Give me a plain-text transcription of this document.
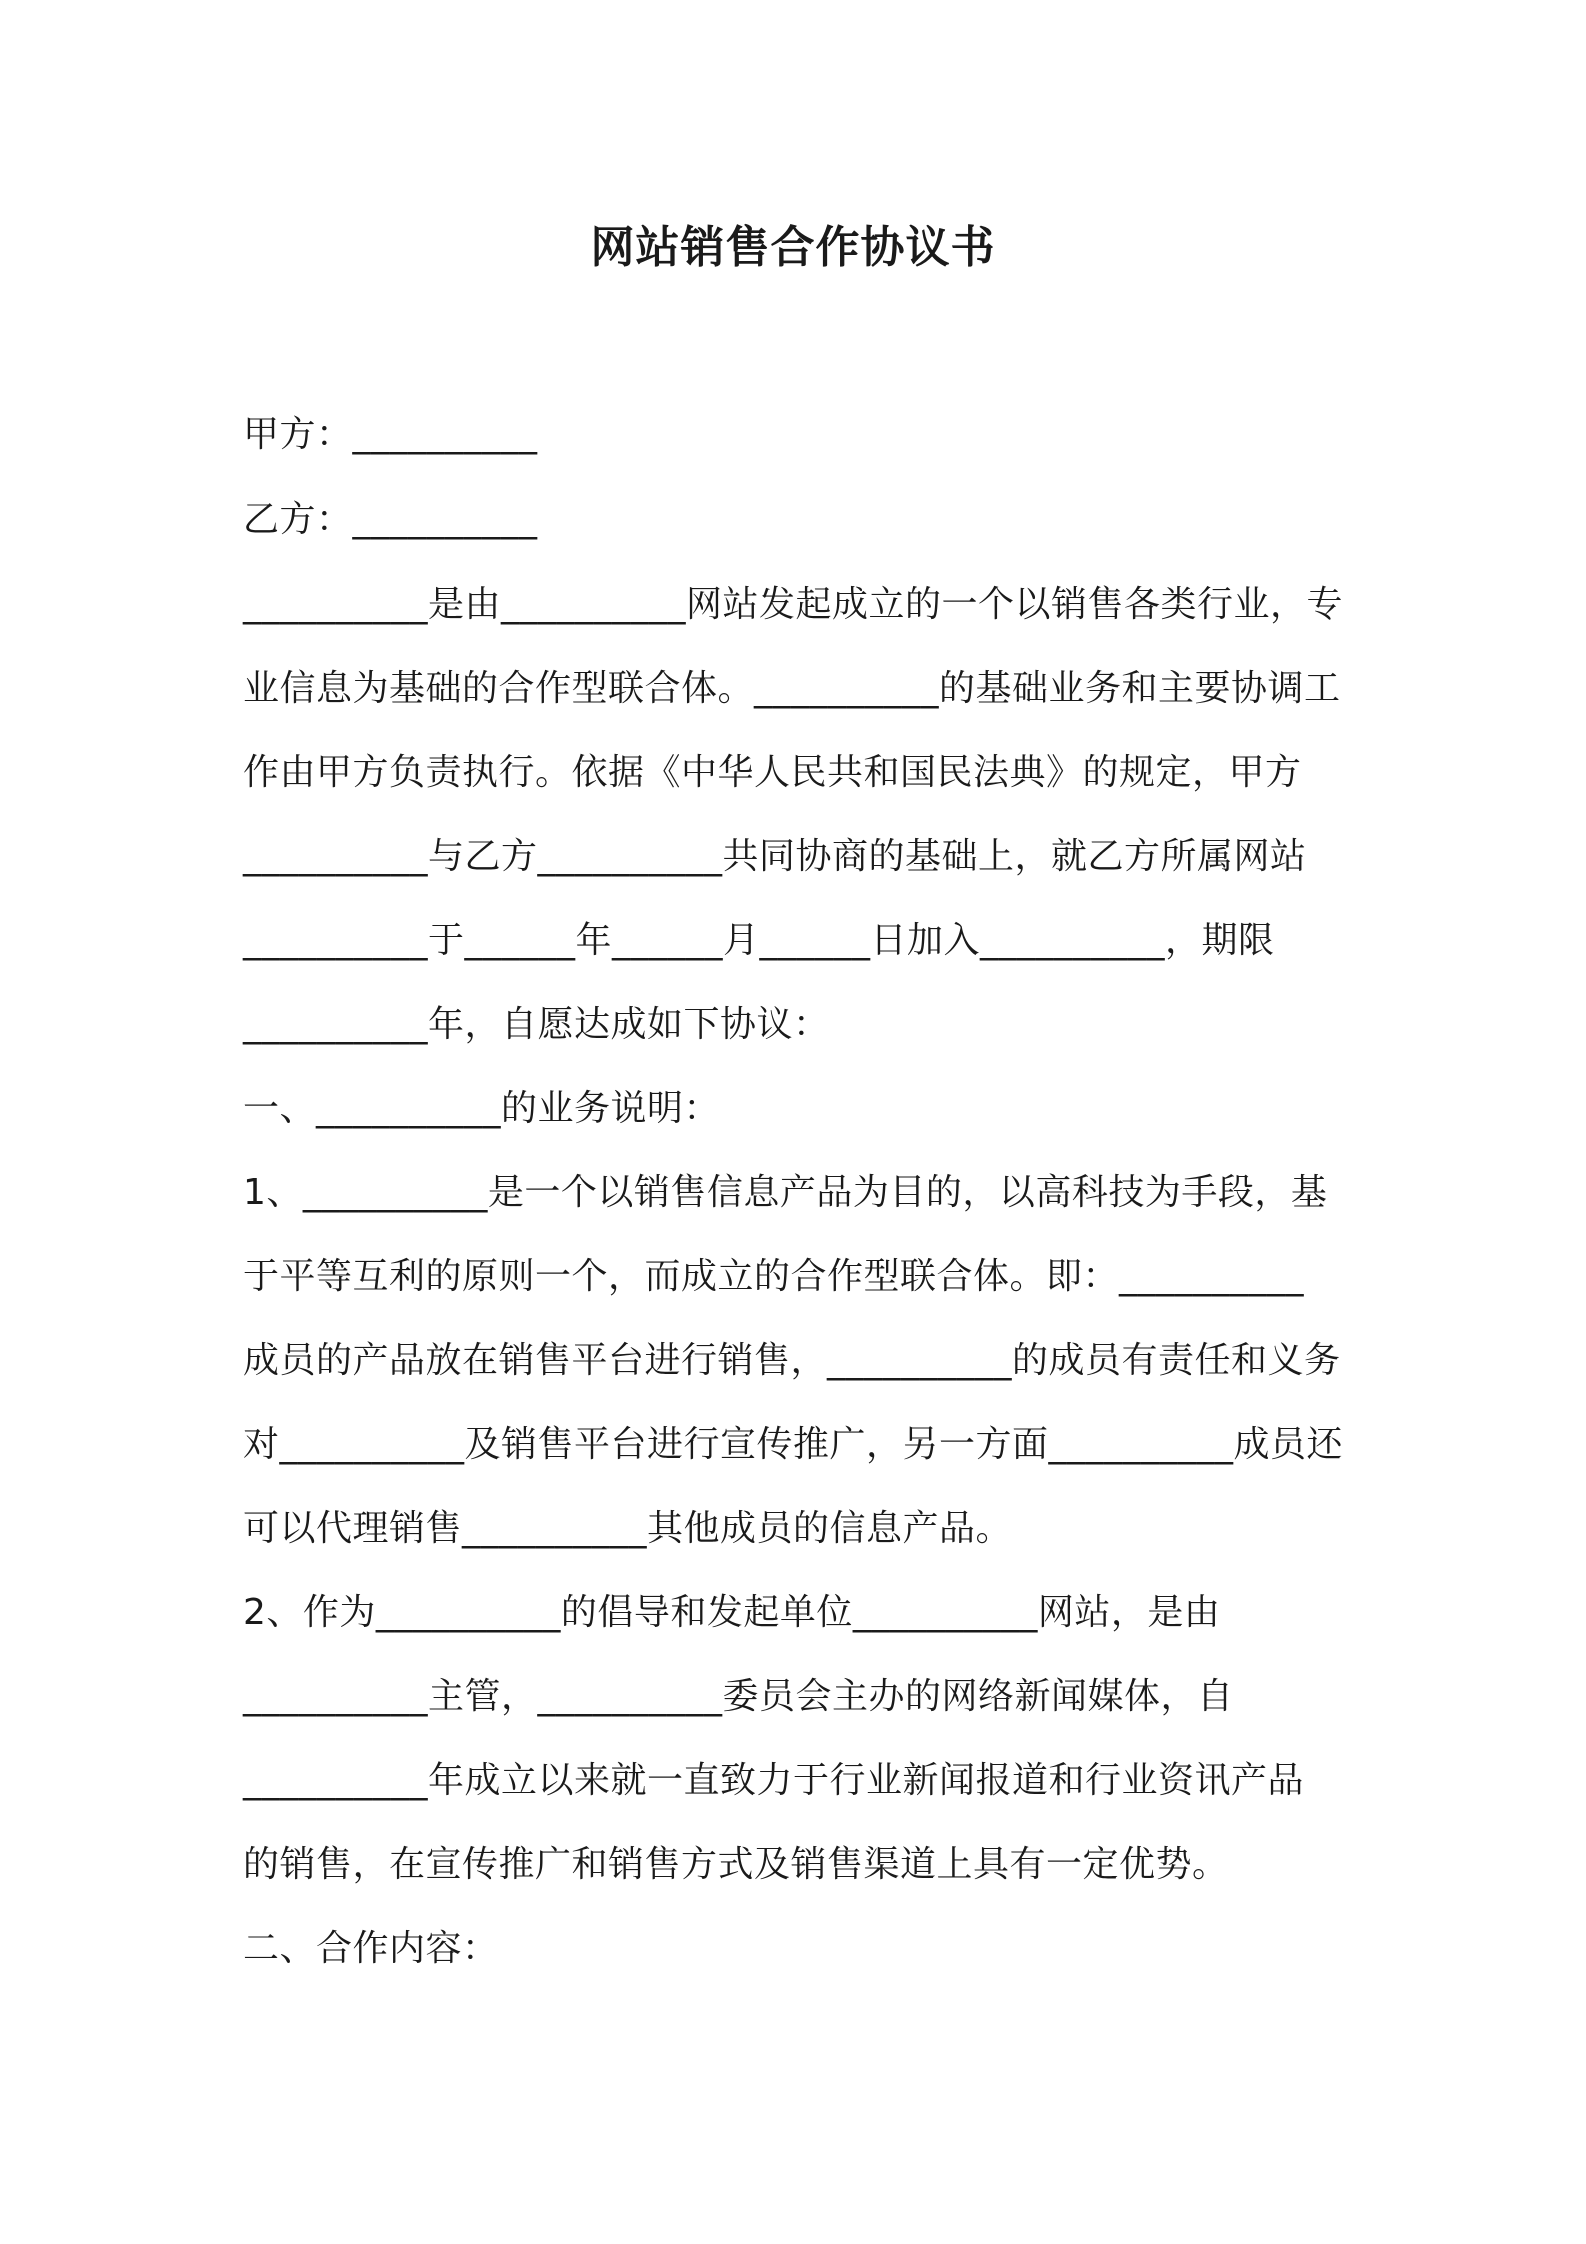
网站销售合作协议书
甲方：__________
乙方：__________
__________是由__________网站发起成立的一个以销售各类行业，专
业信息为基础的合作型联合体。__________的基础业务和主要协调工
作由甲方负责执行。依据《中华人民共和国民法典》的规定，甲方
__________与乙方__________共同协商的基础上，就乙方所属网站
__________于______年______月______日加入__________，期限
__________年，自愿达成如下协议：
一、__________的业务说明：
1、__________是一个以销售信息产品为目的，以高科技为手段，基
于平等互利的原则一个，而成立的合作型联合体。即：__________
成员的产品放在销售平台进行销售，__________的成员有责任和义务
对__________及销售平台进行宣传推广，另一方面__________成员还
可以代理销售__________其他成员的信息产品。
2、作为__________的倡导和发起单位__________网站，是由
__________主管，__________委员会主办的网络新闻媒体，自
__________年成立以来就一直致力于行业新闻报道和行业资讯产品
的销售，在宣传推广和销售方式及销售渠道上具有一定优势。
二、合作内容：
